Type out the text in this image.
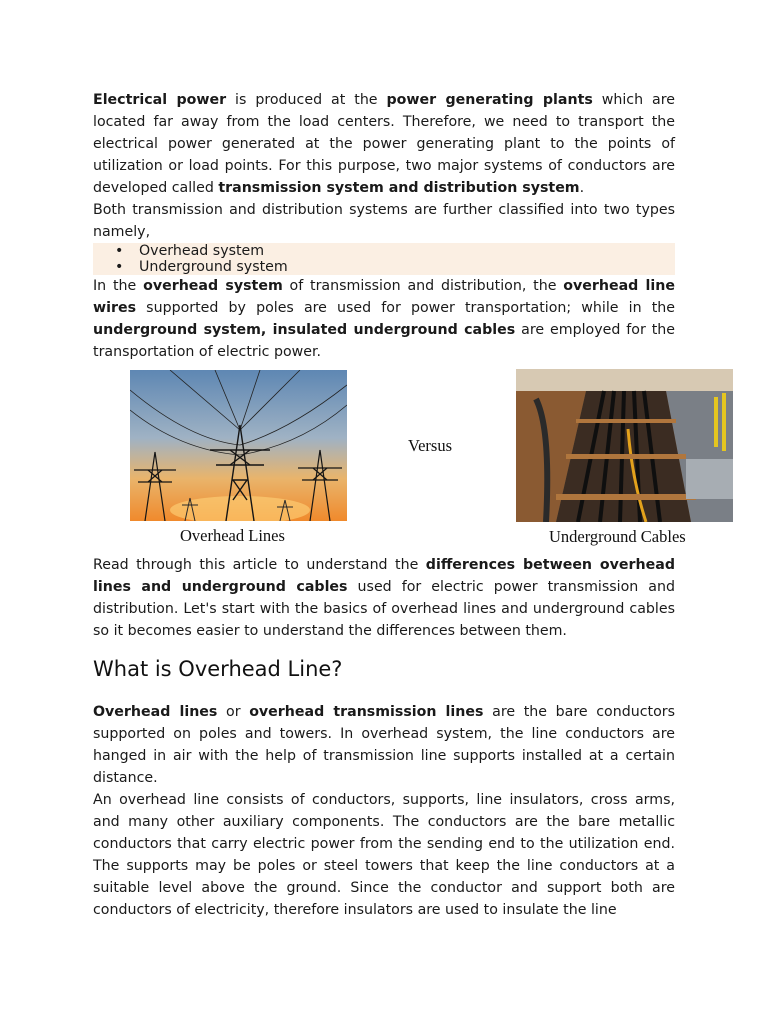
Electrical power is produced at the power generating plants which are located far away from the load centers. Therefore, we need to transport the electrical power generated at the power generating plant to the points of utilization or load points. For this purpose, two major systems of conductors are developed called transmission system and distribution system.

Both transmission and distribution systems are further classified into two types namely,

• Overhead system
• Underground system

In the overhead system of transmission and distribution, the overhead line wires supported by poles are used for power transportation; while in the underground system, insulated underground cables are employed for the transportation of electric power.

Overhead Lines
Versus
Underground Cables

Read through this article to understand the differences between overhead lines and underground cables used for electric power transmission and distribution. Let's start with the basics of overhead lines and underground cables so it becomes easier to understand the differences between them.

What is Overhead Line?

Overhead lines or overhead transmission lines are the bare conductors supported on poles and towers. In overhead system, the line conductors are hanged in air with the help of transmission line supports installed at a certain distance.

An overhead line consists of conductors, supports, line insulators, cross arms, and many other auxiliary components. The conductors are the bare metallic conductors that carry electric power from the sending end to the utilization end. The supports may be poles or steel towers that keep the line conductors at a suitable level above the ground. Since the conductor and support both are conductors of electricity, therefore insulators are used to insulate the line
